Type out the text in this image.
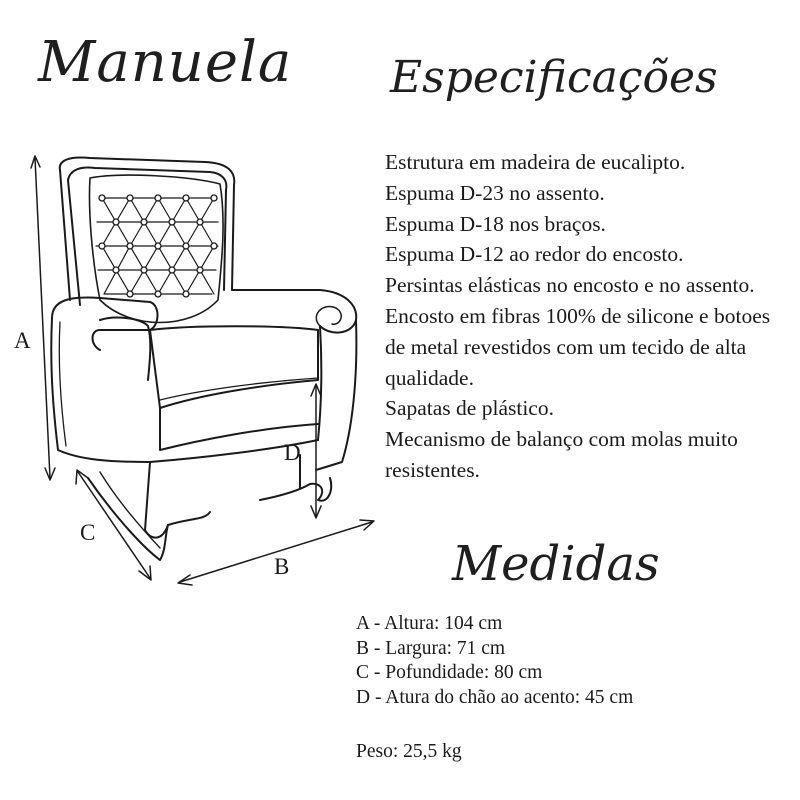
Manuela Especificações
Estrutura em madeira de eucalipto.
Espuma D-23 no assento.
Espuma D-18 nos braços.
Espuma D-12 ao redor do encosto.
Persintas elásticas no encosto e no assento.
Encosto em fibras 100% de silicone e botoes de metal revestidos com um tecido de alta qualidade.
Sapatas de plástico.
Mecanismo de balanço com molas muito resistentes.
Medidas
A - Altura: 104 cm
B - Largura: 71 cm
C - Pofundidade: 80 cm
D - Atura do chão ao acento: 45 cm

Peso: 25,5 kg

A
B
C
D
